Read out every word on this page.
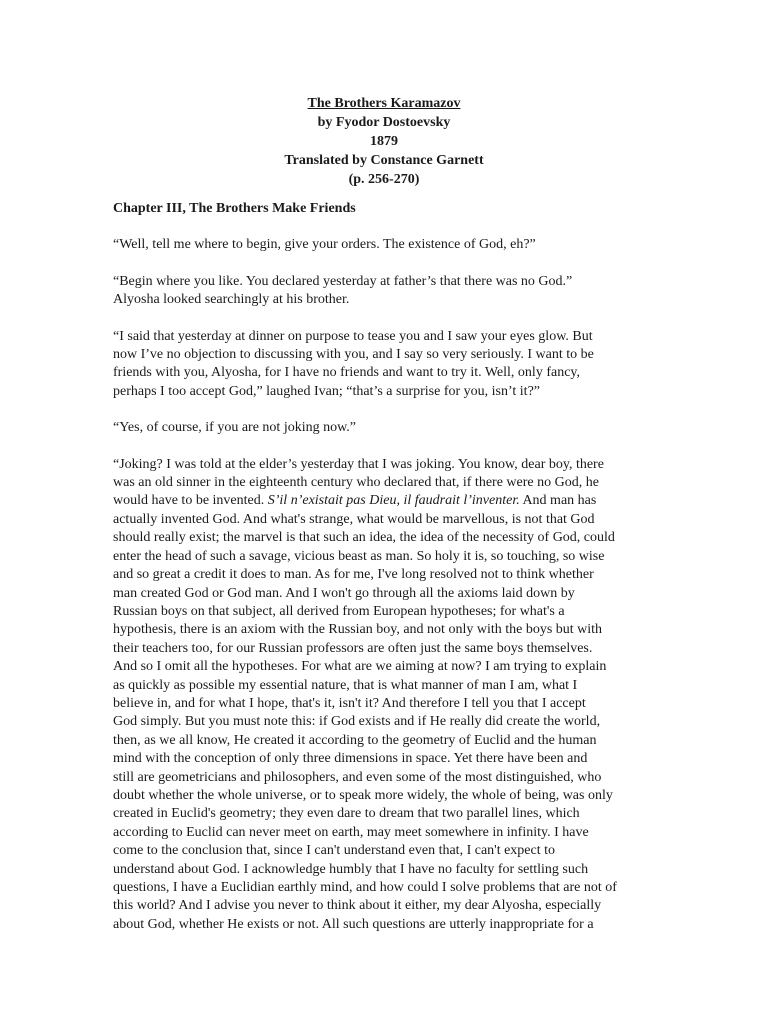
The Brothers Karamazov
by Fyodor Dostoevsky
1879
Translated by Constance Garnett
(p. 256-270)
Chapter III, The Brothers Make Friends
“Well, tell me where to begin, give your orders. The existence of God, eh?”
“Begin where you like. You declared yesterday at father’s that there was no God.”
Alyosha looked searchingly at his brother.
“I said that yesterday at dinner on purpose to tease you and I saw your eyes glow. But
now I’ve no objection to discussing with you, and I say so very seriously. I want to be
friends with you, Alyosha, for I have no friends and want to try it. Well, only fancy,
perhaps I too accept God,” laughed Ivan; “that’s a surprise for you, isn’t it?”
“Yes, of course, if you are not joking now.”
“Joking? I was told at the elder’s yesterday that I was joking. You know, dear boy, there
was an old sinner in the eighteenth century who declared that, if there were no God, he
would have to be invented. S’il n’existait pas Dieu, il faudrait l’inventer. And man has
actually invented God. And what's strange, what would be marvellous, is not that God
should really exist; the marvel is that such an idea, the idea of the necessity of God, could
enter the head of such a savage, vicious beast as man. So holy it is, so touching, so wise
and so great a credit it does to man. As for me, I've long resolved not to think whether
man created God or God man. And I won't go through all the axioms laid down by
Russian boys on that subject, all derived from European hypotheses; for what's a
hypothesis, there is an axiom with the Russian boy, and not only with the boys but with
their teachers too, for our Russian professors are often just the same boys themselves.
And so I omit all the hypotheses. For what are we aiming at now? I am trying to explain
as quickly as possible my essential nature, that is what manner of man I am, what I
believe in, and for what I hope, that's it, isn't it? And therefore I tell you that I accept
God simply. But you must note this: if God exists and if He really did create the world,
then, as we all know, He created it according to the geometry of Euclid and the human
mind with the conception of only three dimensions in space. Yet there have been and
still are geometricians and philosophers, and even some of the most distinguished, who
doubt whether the whole universe, or to speak more widely, the whole of being, was only
created in Euclid's geometry; they even dare to dream that two parallel lines, which
according to Euclid can never meet on earth, may meet somewhere in infinity. I have
come to the conclusion that, since I can't understand even that, I can't expect to
understand about God. I acknowledge humbly that I have no faculty for settling such
questions, I have a Euclidian earthly mind, and how could I solve problems that are not of
this world? And I advise you never to think about it either, my dear Alyosha, especially
about God, whether He exists or not. All such questions are utterly inappropriate for a
